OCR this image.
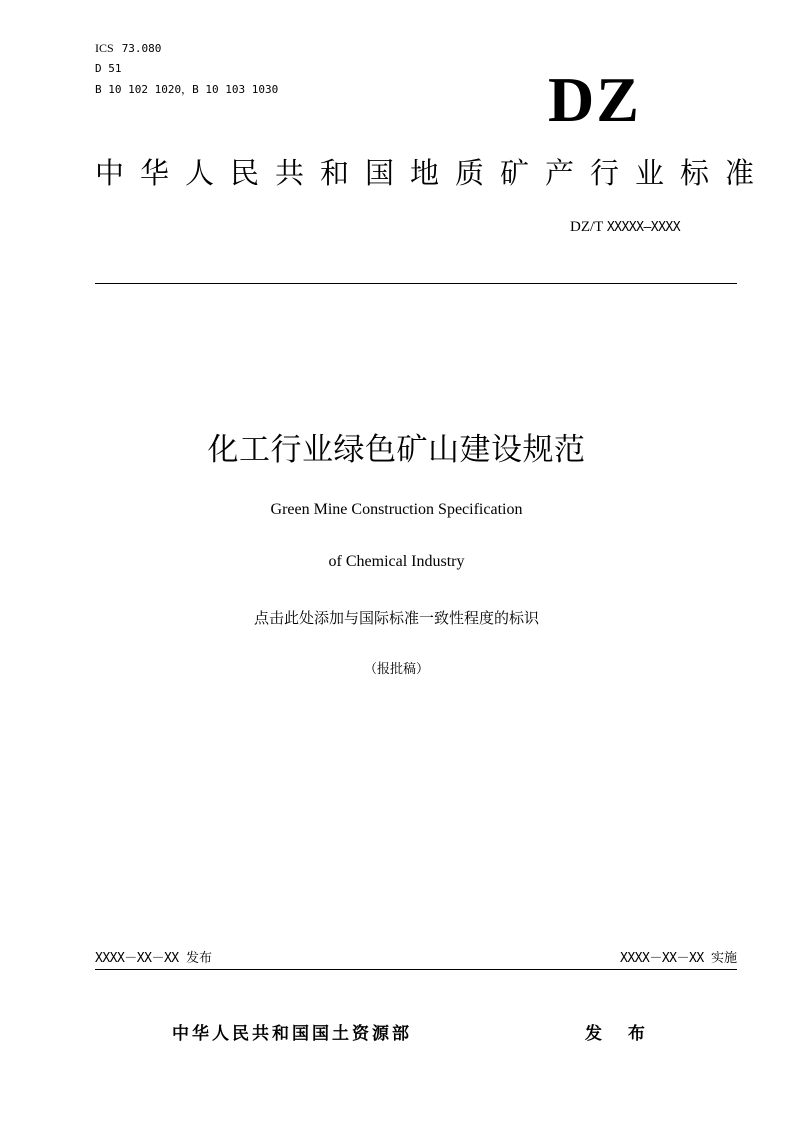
ICS 73.080
D 51
B 10 102 1020，B 10 103 1030	DZ
中华人民共和国地质矿产行业标准
DZ/T XXXXX—XXXX
化工行业绿色矿山建设规范
Green Mine Construction Specification
of Chemical Industry
点击此处添加与国际标准一致性程度的标识
（报批稿）
XXXX－XX－XX 发布	XXXX－XX－XX 实施
中华人民共和国国土资源部	发 布
